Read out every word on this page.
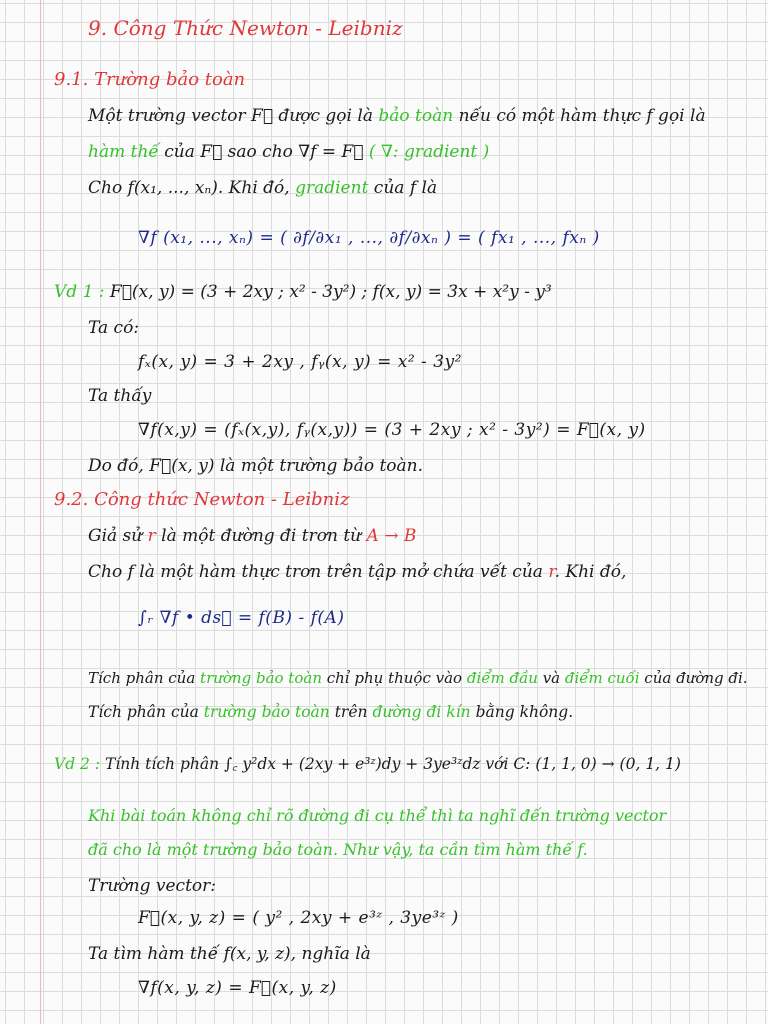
9. Công Thức Newton - Leibniz
9.1. Trường bảo toàn
Một trường vector F⃗ được gọi là bảo toàn nếu có một hàm thực f gọi là
hàm thế của F⃗ sao cho ∇f = F⃗ ( ∇: gradient )
Cho f(x₁, ..., xₙ). Khi đó, gradient của f là
∇f (x₁, ..., xₙ) = ( ∂f/∂x₁ , ..., ∂f/∂xₙ ) = ( fx₁ , ..., fxₙ )
Vd 1 : F⃗(x, y) = (3 + 2xy ; x² - 3y²) ; f(x, y) = 3x + x²y - y³
Ta có:
fₓ(x, y) = 3 + 2xy , fᵧ(x, y) = x² - 3y²
Ta thấy
∇f(x,y) = (fₓ(x,y), fᵧ(x,y)) = (3 + 2xy ; x² - 3y²) = F⃗(x, y)
Do đó, F⃗(x, y) là một trường bảo toàn.
9.2. Công thức Newton - Leibniz
Giả sử r là một đường đi trơn từ A → B
Cho f là một hàm thực trơn trên tập mở chứa vết của r. Khi đó,
∫ᵣ ∇f • ds⃗ = f(B) - f(A)
Tích phân của trường bảo toàn chỉ phụ thuộc vào điểm đầu và điểm cuối của đường đi.
Tích phân của trường bảo toàn trên đường đi kín bằng không.
Vd 2 : Tính tích phân ∫꜀ y²dx + (2xy + e³ᶻ)dy + 3ye³ᶻdz với C: (1, 1, 0) → (0, 1, 1)
Khi bài toán không chỉ rõ đường đi cụ thể thì ta nghĩ đến trường vector
đã cho là một trường bảo toàn. Như vậy, ta cần tìm hàm thế f.
Trường vector:
F⃗(x, y, z) = ( y² , 2xy + e³ᶻ , 3ye³ᶻ )
Ta tìm hàm thế f(x, y, z), nghĩa là
∇f(x, y, z) = F⃗(x, y, z)
